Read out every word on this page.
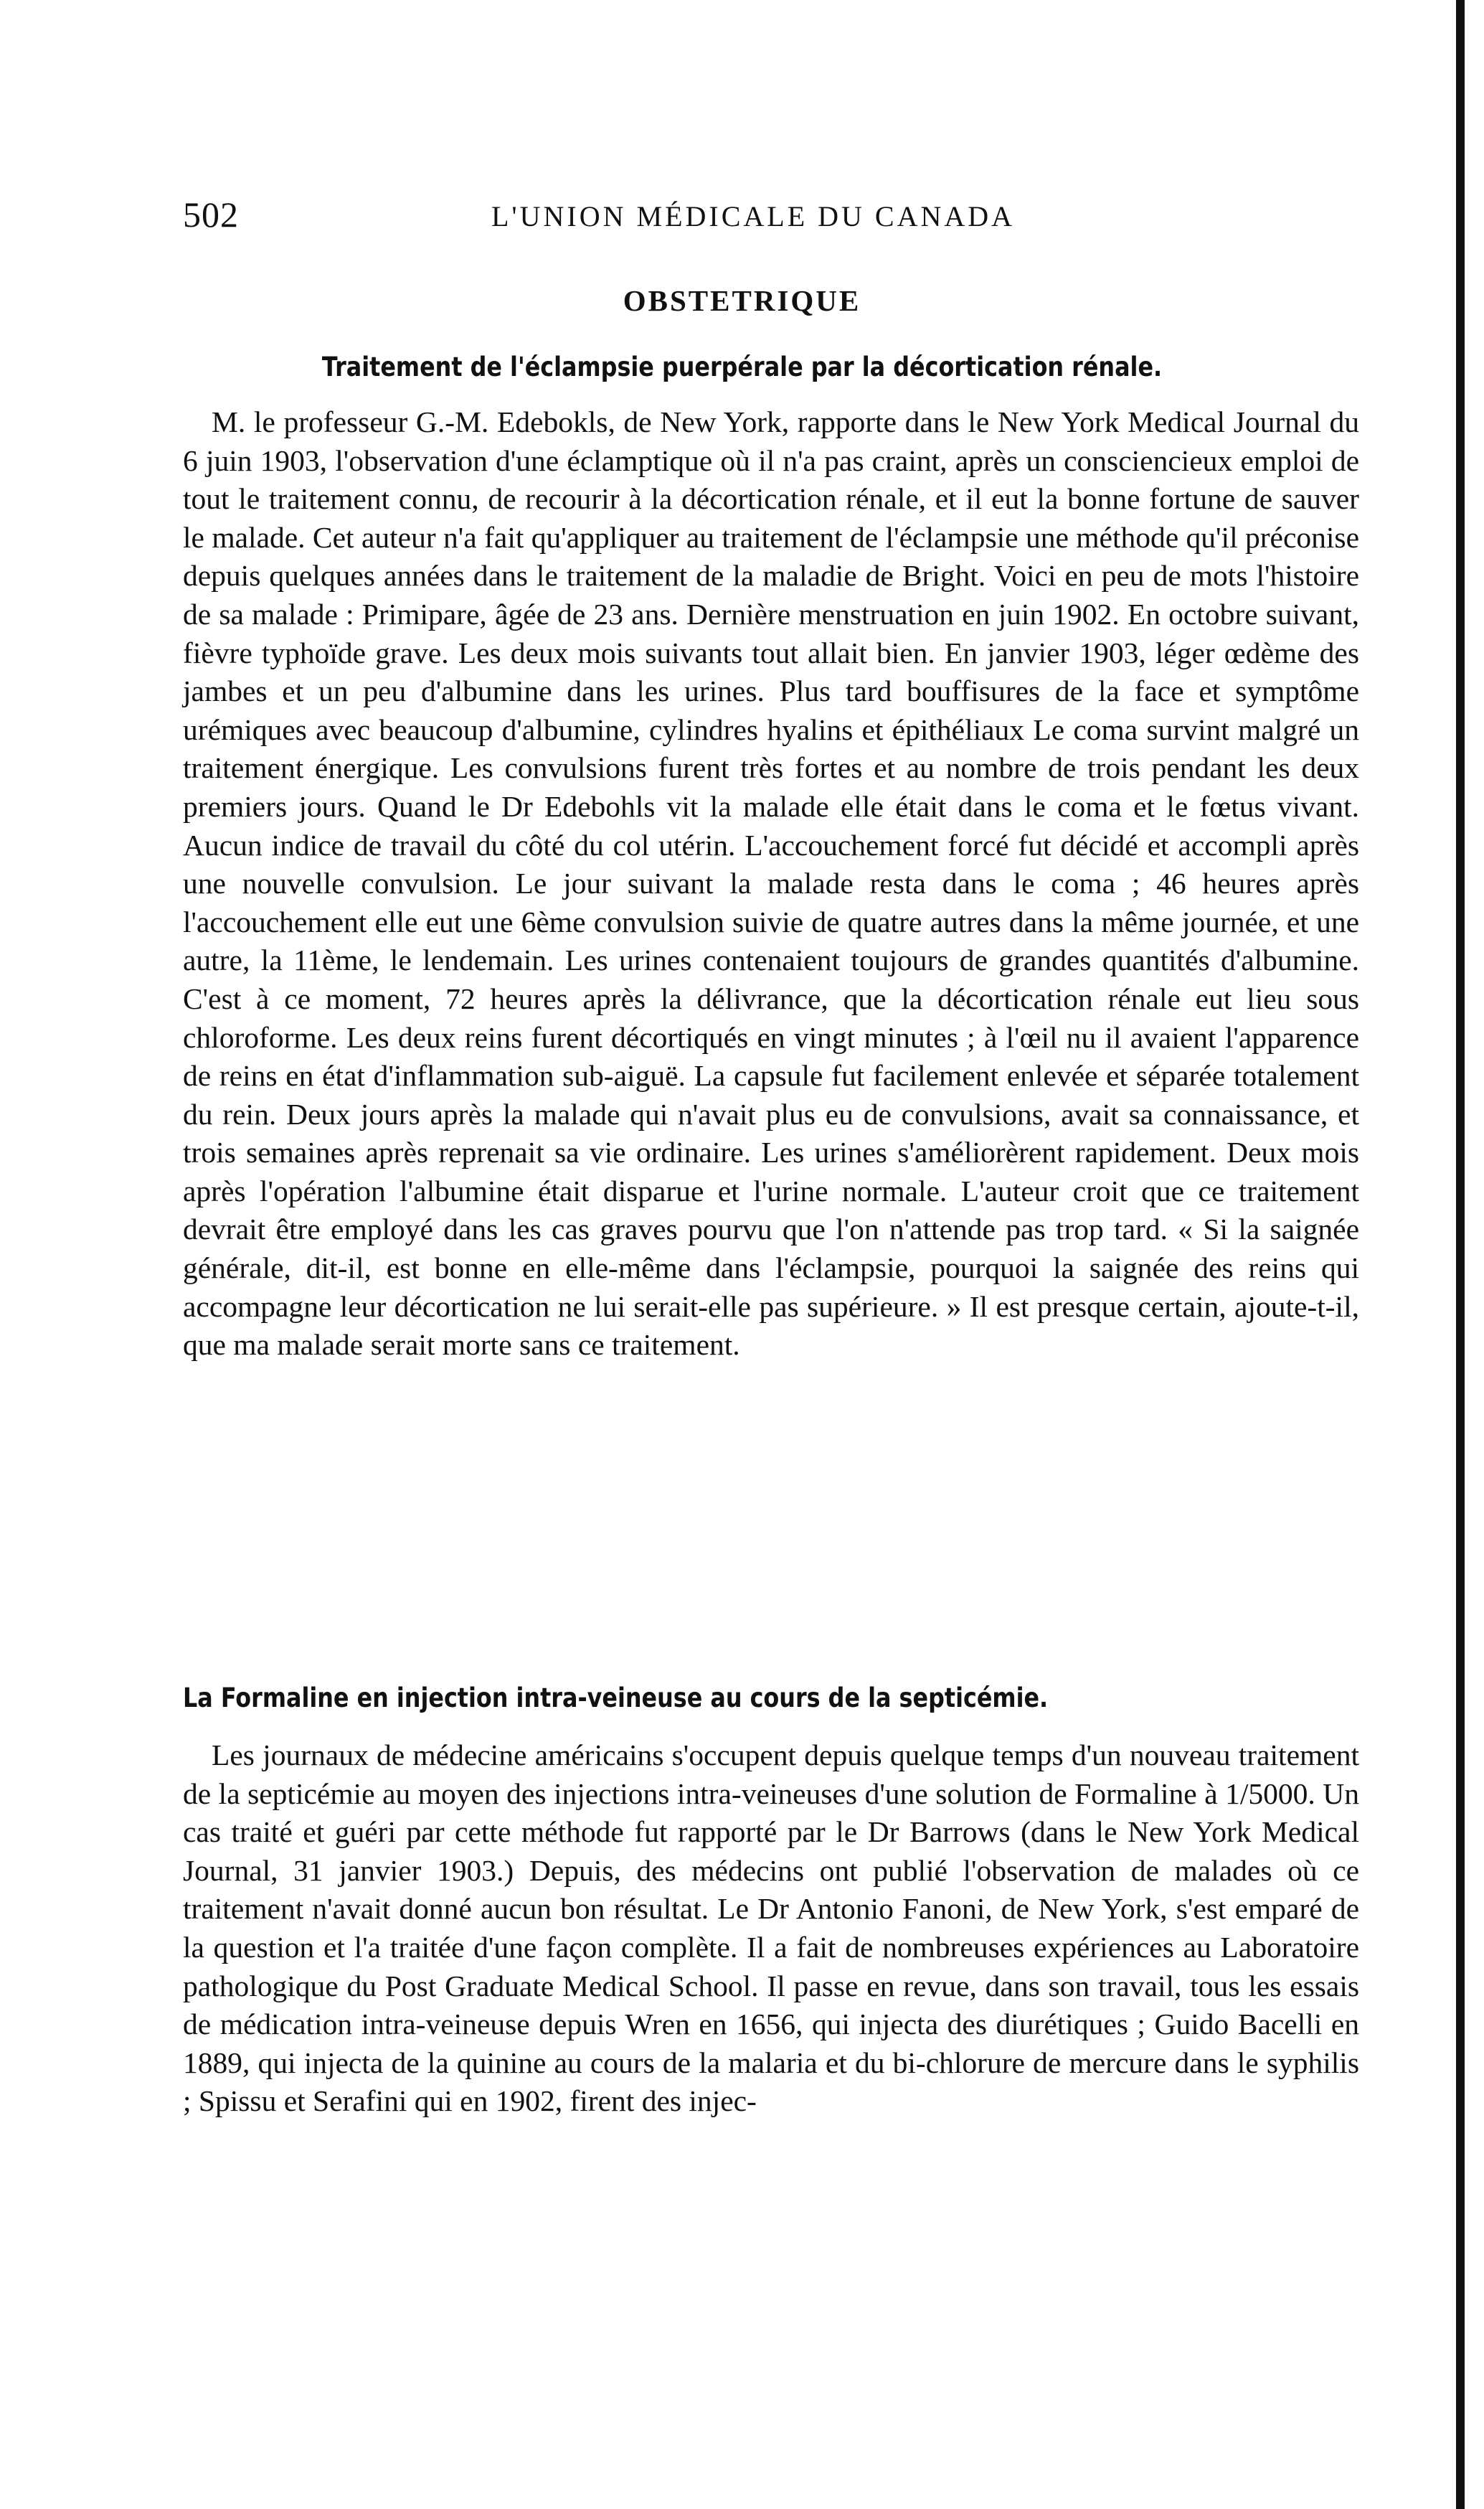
502	L'UNION MÉDICALE DU CANADA
OBSTETRIQUE
Traitement de l'éclampsie puerpérale par la décortication rénale.

M. le professeur G.-M. Edebokls, de New York, rapporte dans le New York Medical Journal du 6 juin 1903, l'observation d'une éclamptique où il n'a pas craint, après un consciencieux emploi de tout le traitement connu, de recourir à la décortication rénale, et il eut la bonne fortune de sauver le malade. Cet auteur n'a fait qu'appliquer au traitement de l'éclampsie une méthode qu'il préconise depuis quelques années dans le traitement de la maladie de Bright. Voici en peu de mots l'histoire de sa malade : Primipare, âgée de 23 ans. Dernière menstruation en juin 1902. En octobre suivant, fièvre typhoïde grave. Les deux mois suivants tout allait bien. En janvier 1903, léger œdème des jambes et un peu d'albumine dans les urines. Plus tard bouffisures de la face et symptôme urémiques avec beaucoup d'albumine, cylindres hyalins et épithéliaux Le coma survint malgré un traitement énergique. Les convulsions furent très fortes et au nombre de trois pendant les deux premiers jours. Quand le Dr Edebohls vit la malade elle était dans le coma et le fœtus vivant. Aucun indice de travail du côté du col utérin. L'accouchement forcé fut décidé et accompli après une nouvelle convulsion. Le jour suivant la malade resta dans le coma ; 46 heures après l'accouchement elle eut une 6ème convulsion suivie de quatre autres dans la même journée, et une autre, la 11ème, le lendemain. Les urines contenaient toujours de grandes quantités d'albumine. C'est à ce moment, 72 heures après la délivrance, que la décortication rénale eut lieu sous chloroforme. Les deux reins furent décortiqués en vingt minutes ; à l'œil nu il avaient l'apparence de reins en état d'inflammation sub-aiguë. La capsule fut facilement enlevée et séparée totalement du rein. Deux jours après la malade qui n'avait plus eu de convulsions, avait sa connaissance, et trois semaines après reprenait sa vie ordinaire. Les urines s'améliorèrent rapidement. Deux mois après l'opération l'albumine était disparue et l'urine normale. L'auteur croit que ce traitement devrait être employé dans les cas graves pourvu que l'on n'attende pas trop tard. « Si la saignée générale, dit-il, est bonne en elle-même dans l'éclampsie, pourquoi la saignée des reins qui accompagne leur décortication ne lui serait-elle pas supérieure. » Il est presque certain, ajoute-t-il, que ma malade serait morte sans ce traitement.

La Formaline en injection intra-veineuse au cours de la septicémie.

Les journaux de médecine américains s'occupent depuis quelque temps d'un nouveau traitement de la septicémie au moyen des injections intra-veineuses d'une solution de Formaline à 1/5000. Un cas traité et guéri par cette méthode fut rapporté par le Dr Barrows (dans le New York Medical Journal, 31 janvier 1903.) Depuis, des médecins ont publié l'observation de malades où ce traitement n'avait donné aucun bon résultat. Le Dr Antonio Fanoni, de New York, s'est emparé de la question et l'a traitée d'une façon complète. Il a fait de nombreuses expériences au Laboratoire pathologique du Post Graduate Medical School. Il passe en revue, dans son travail, tous les essais de médication intra-veineuse depuis Wren en 1656, qui injecta des diurétiques ; Guido Bacelli en 1889, qui injecta de la quinine au cours de la malaria et du bi-chlorure de mercure dans le syphilis ; Spissu et Serafini qui en 1902, firent des injec-
